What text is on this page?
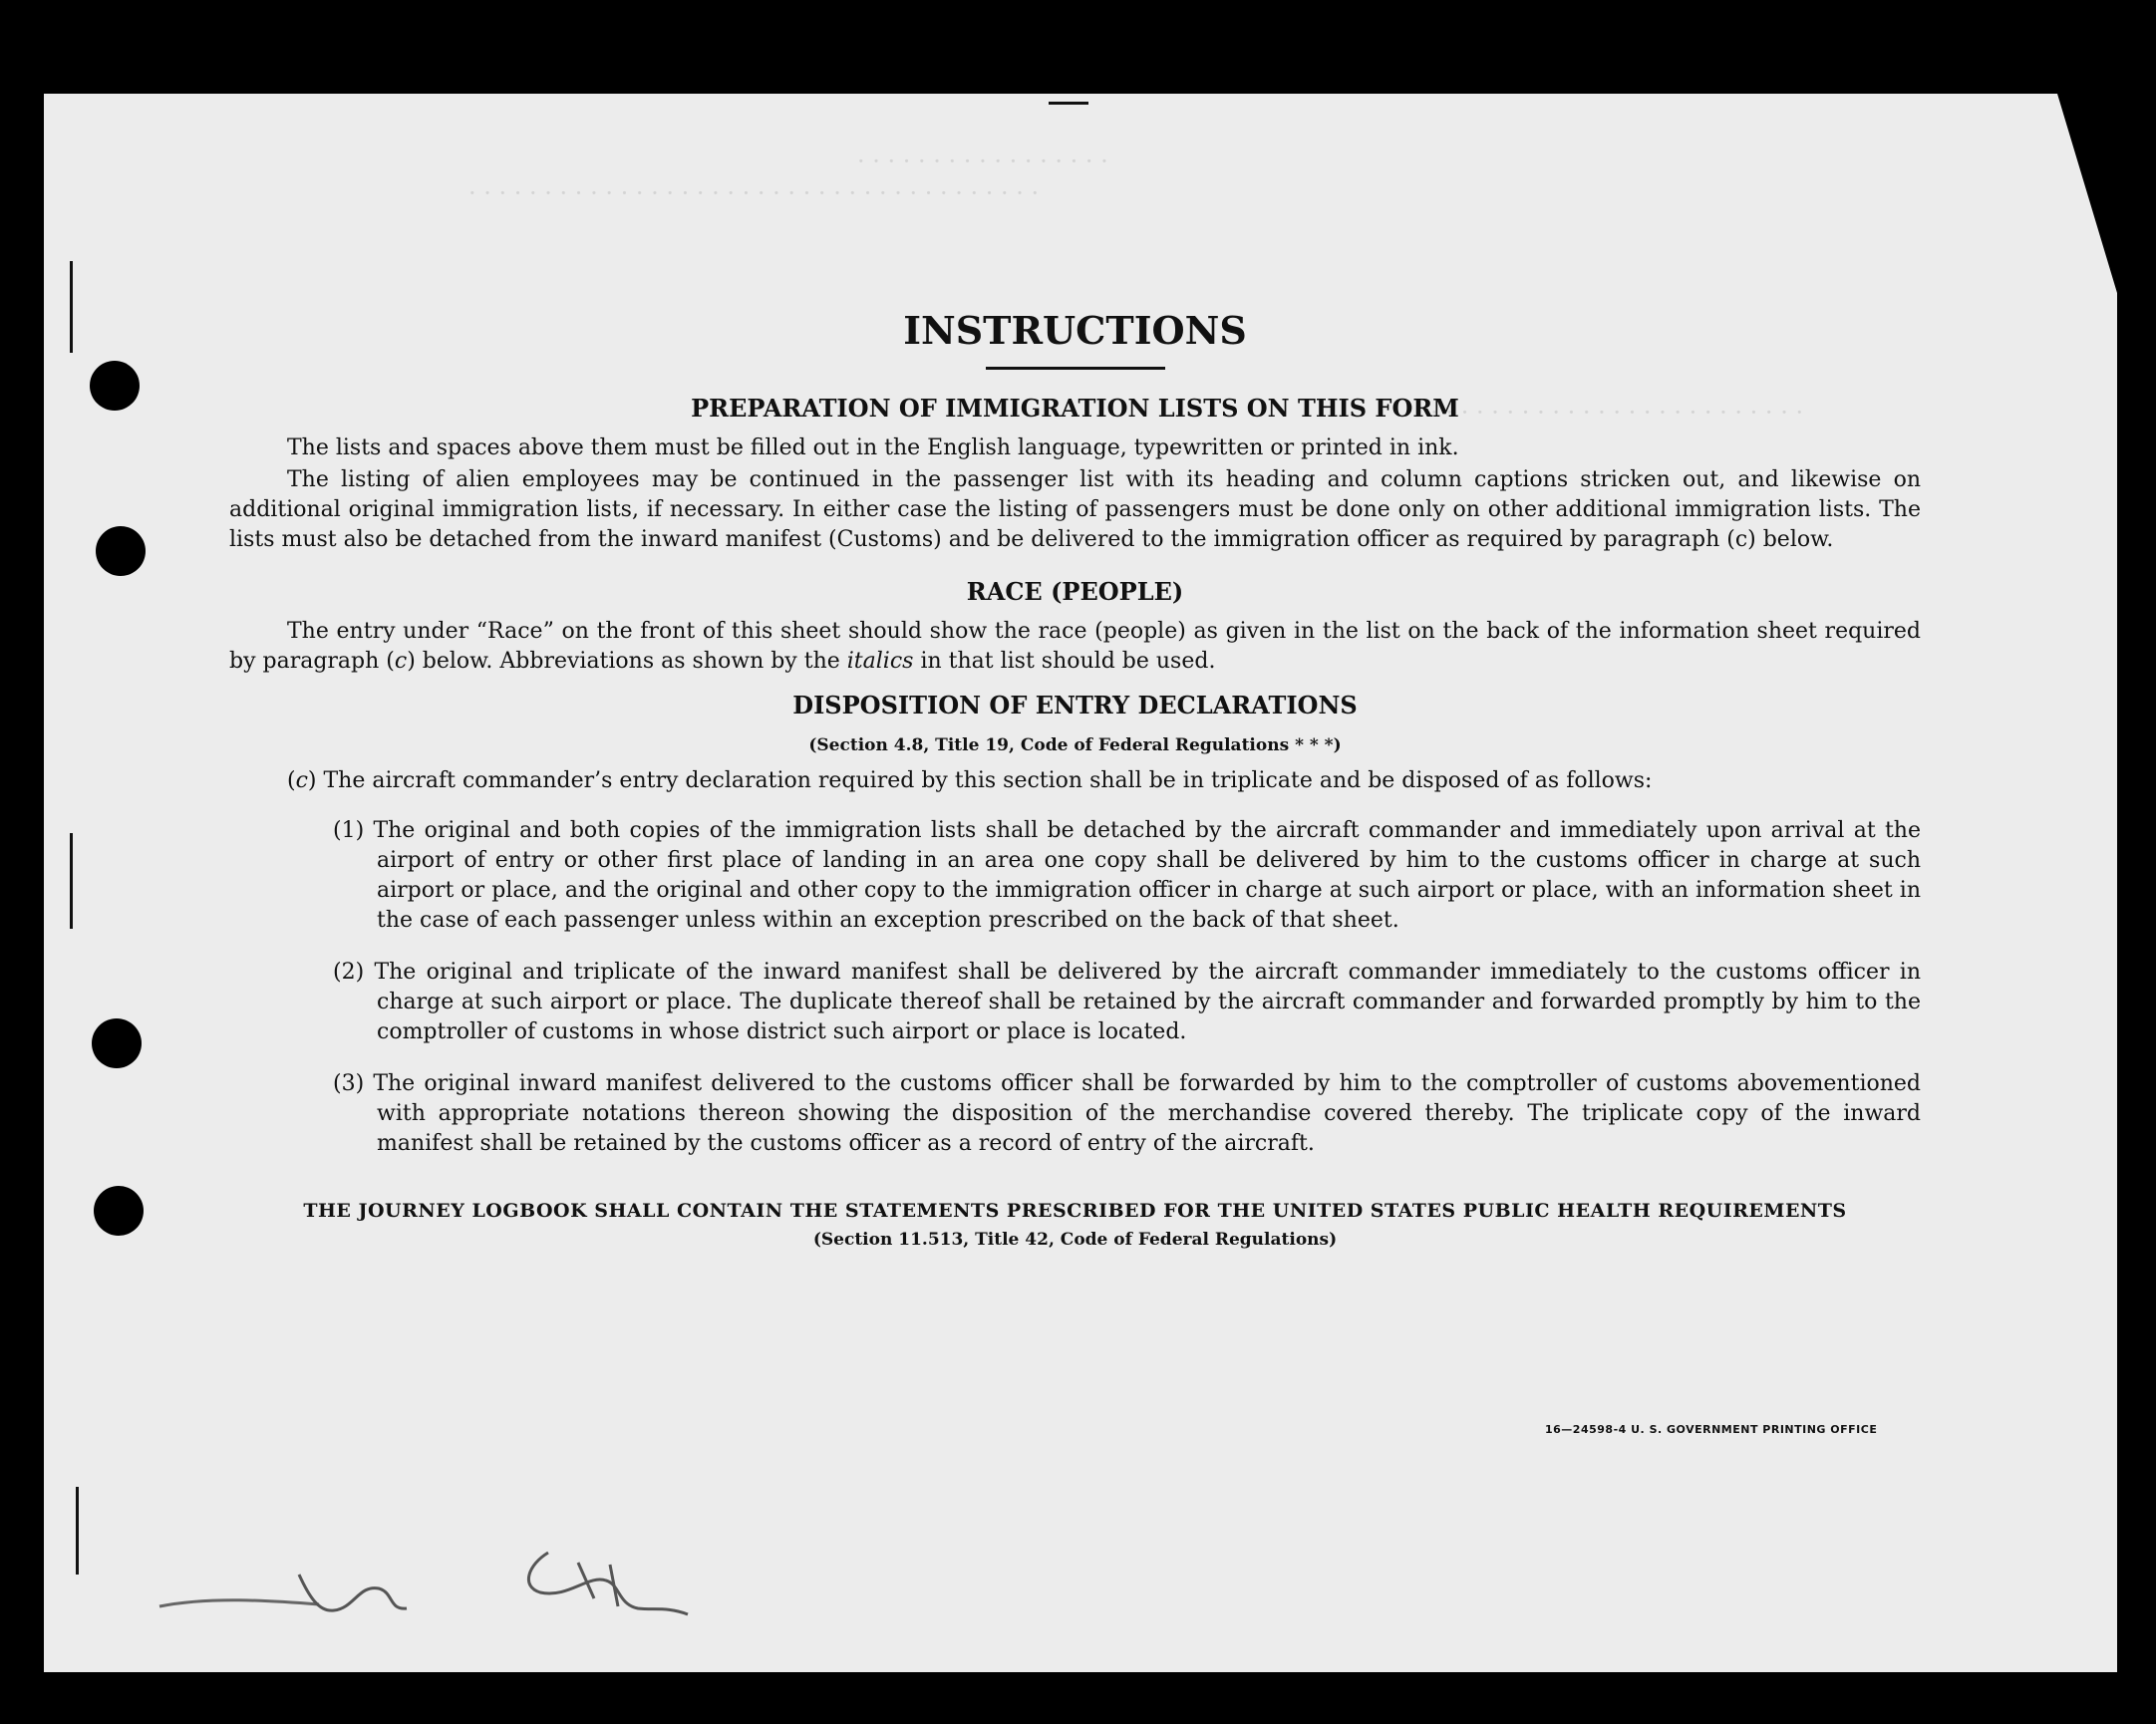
· · · · · · · · · · · · · · · · ·
· · · · · · · · · · · · · · · · · · · · · · · · · · · · · · · · · · · · · ·
· · · · · · · · · · · · · · · · · · · · · · · · · ·
INSTRUCTIONS
PREPARATION OF IMMIGRATION LISTS ON THIS FORM

The lists and spaces above them must be filled out in the English language, typewritten or printed in ink.

The listing of alien employees may be continued in the passenger list with its heading and column captions stricken out, and likewise on additional original immigration lists, if necessary. In either case the listing of passengers must be done only on other additional immigration lists. The lists must also be detached from the inward manifest (Customs) and be delivered to the immigration officer as required by paragraph (c) below.

RACE (PEOPLE)

The entry under “Race” on the front of this sheet should show the race (people) as given in the list on the back of the information sheet required by paragraph (c) below. Abbreviations as shown by the italics in that list should be used.

DISPOSITION OF ENTRY DECLARATIONS
(Section 4.8, Title 19, Code of Federal Regulations * * *)

(c) The aircraft commander’s entry declaration required by this section shall be in triplicate and be disposed of as follows:

(1) The original and both copies of the immigration lists shall be detached by the aircraft commander and immediately upon arrival at the airport of entry or other first place of landing in an area one copy shall be delivered by him to the customs officer in charge at such airport or place, and the original and other copy to the immigration officer in charge at such airport or place, with an information sheet in the case of each passenger unless within an exception prescribed on the back of that sheet.

(2) The original and triplicate of the inward manifest shall be delivered by the aircraft commander immediately to the customs officer in charge at such airport or place. The duplicate thereof shall be retained by the aircraft commander and forwarded promptly by him to the comptroller of customs in whose district such airport or place is located.

(3) The original inward manifest delivered to the customs officer shall be forwarded by him to the comptroller of customs abovementioned with appropriate notations thereon showing the disposition of the merchandise covered thereby. The triplicate copy of the inward manifest shall be retained by the customs officer as a record of entry of the aircraft.

THE JOURNEY LOGBOOK SHALL CONTAIN THE STATEMENTS PRESCRIBED FOR THE UNITED STATES PUBLIC HEALTH REQUIREMENTS
(Section 11.513, Title 42, Code of Federal Regulations)
16—24598-4 U. S. GOVERNMENT PRINTING OFFICE
